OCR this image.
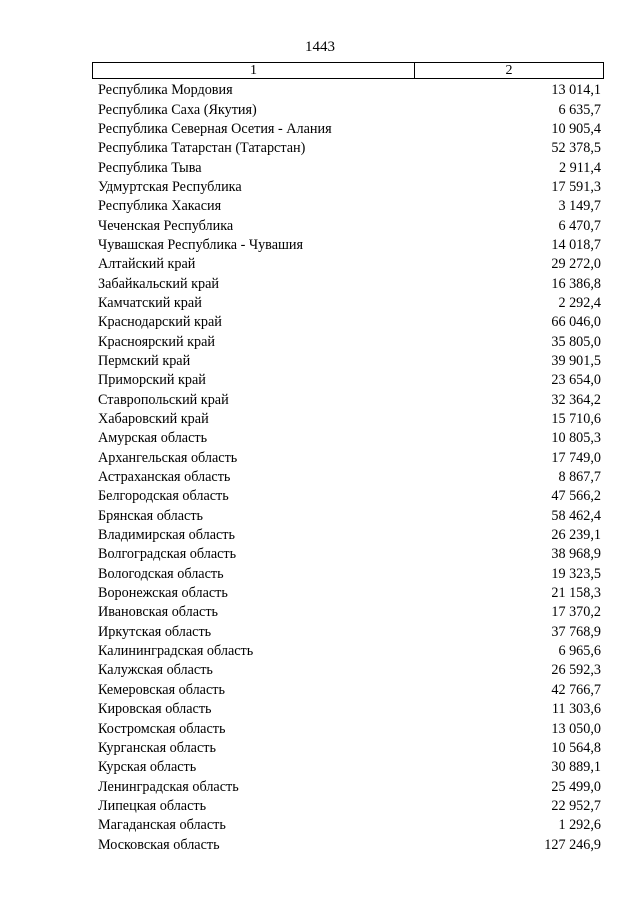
1443
1	2
Республика Мордовия	13 014,1
Республика Саха (Якутия)	6 635,7
Республика Северная Осетия - Алания	10 905,4
Республика Татарстан (Татарстан)	52 378,5
Республика Тыва	2 911,4
Удмуртская Республика	17 591,3
Республика Хакасия	3 149,7
Чеченская Республика	6 470,7
Чувашская Республика - Чувашия	14 018,7
Алтайский край	29 272,0
Забайкальский край	16 386,8
Камчатский край	2 292,4
Краснодарский край	66 046,0
Красноярский край	35 805,0
Пермский край	39 901,5
Приморский край	23 654,0
Ставропольский край	32 364,2
Хабаровский край	15 710,6
Амурская область	10 805,3
Архангельская область	17 749,0
Астраханская область	8 867,7
Белгородская область	47 566,2
Брянская область	58 462,4
Владимирская область	26 239,1
Волгоградская область	38 968,9
Вологодская область	19 323,5
Воронежская область	21 158,3
Ивановская область	17 370,2
Иркутская область	37 768,9
Калининградская область	6 965,6
Калужская область	26 592,3
Кемеровская область	42 766,7
Кировская область	11 303,6
Костромская область	13 050,0
Курганская область	10 564,8
Курская область	30 889,1
Ленинградская область	25 499,0
Липецкая область	22 952,7
Магаданская область	1 292,6
Московская область	127 246,9
